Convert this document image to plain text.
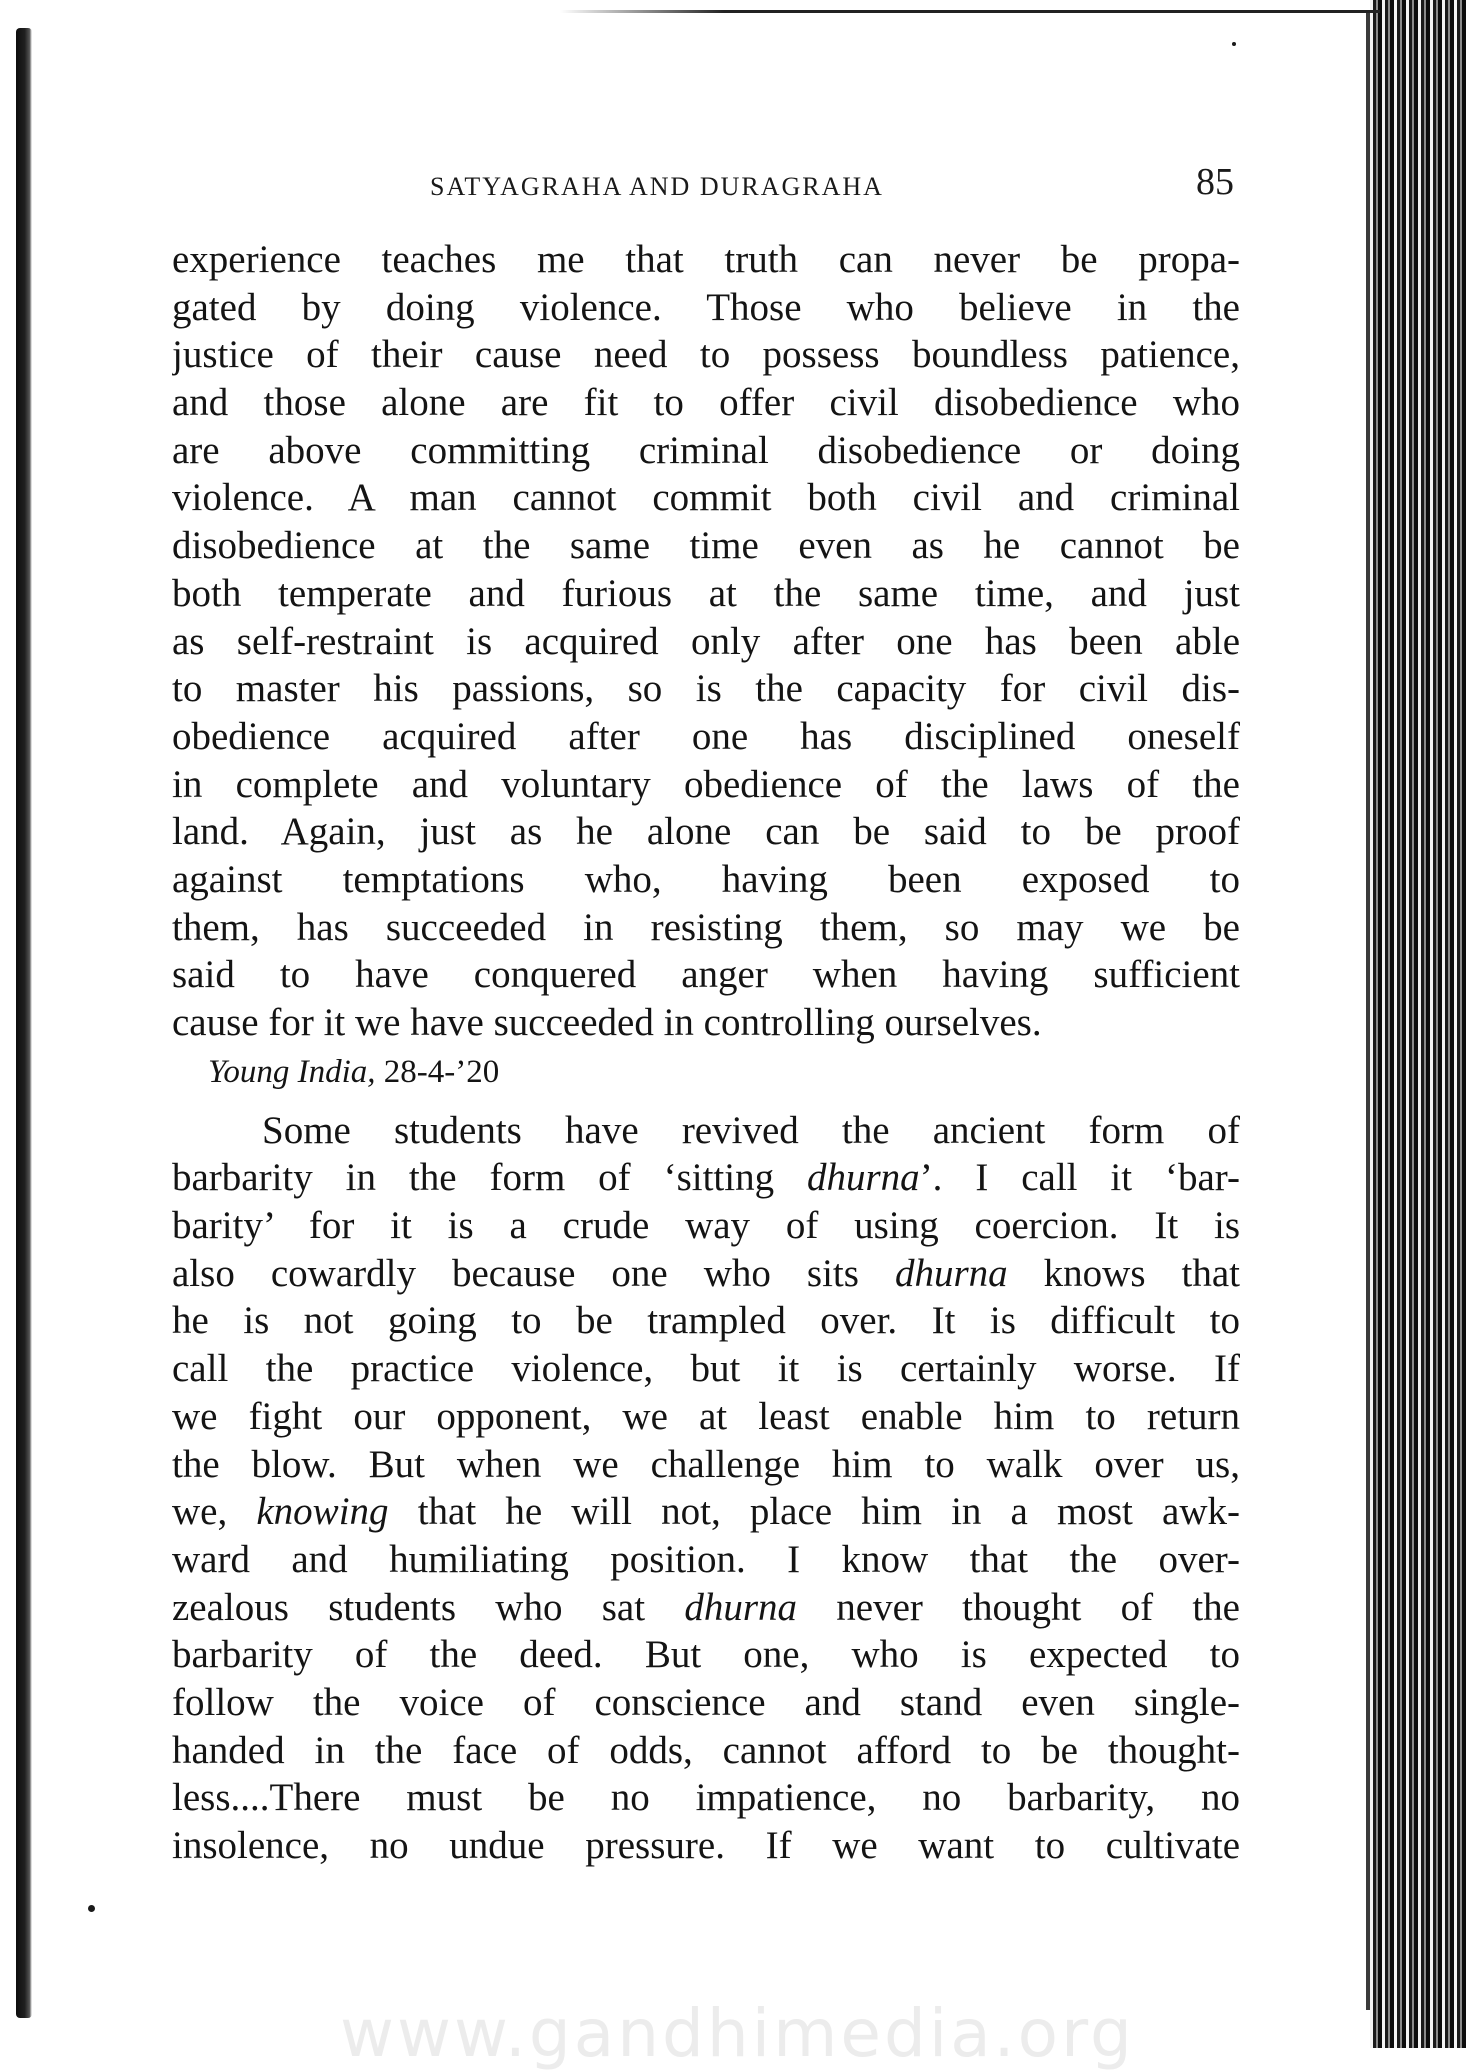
SATYAGRAHA AND DURAGRAHA	85
experience teaches me that truth can never be propa-
gated by doing violence. Those who believe in the
justice of their cause need to possess boundless patience,
and those alone are fit to offer civil disobedience who
are above committing criminal disobedience or doing
violence. A man cannot commit both civil and criminal
disobedience at the same time even as he cannot be
both temperate and furious at the same time, and just
as self-restraint is acquired only after one has been able
to master his passions, so is the capacity for civil dis-
obedience acquired after one has disciplined oneself
in complete and voluntary obedience of the laws of the
land. Again, just as he alone can be said to be proof
against temptations who, having been exposed to
them, has succeeded in resisting them, so may we be
said to have conquered anger when having sufficient
cause for it we have succeeded in controlling ourselves.
Young India, 28-4-’20
Some students have revived the ancient form of
barbarity in the form of ‘sitting dhurna’. I call it ‘bar-
barity’ for it is a crude way of using coercion. It is
also cowardly because one who sits dhurna knows that
he is not going to be trampled over. It is difficult to
call the practice violence, but it is certainly worse. If
we fight our opponent, we at least enable him to return
the blow. But when we challenge him to walk over us,
we, knowing that he will not, place him in a most awk-
ward and humiliating position. I know that the over-
zealous students who sat dhurna never thought of the
barbarity of the deed. But one, who is expected to
follow the voice of conscience and stand even single-
handed in the face of odds, cannot afford to be thought-
less....There must be no impatience, no barbarity, no
insolence, no undue pressure. If we want to cultivate
www.gandhimedia.org
